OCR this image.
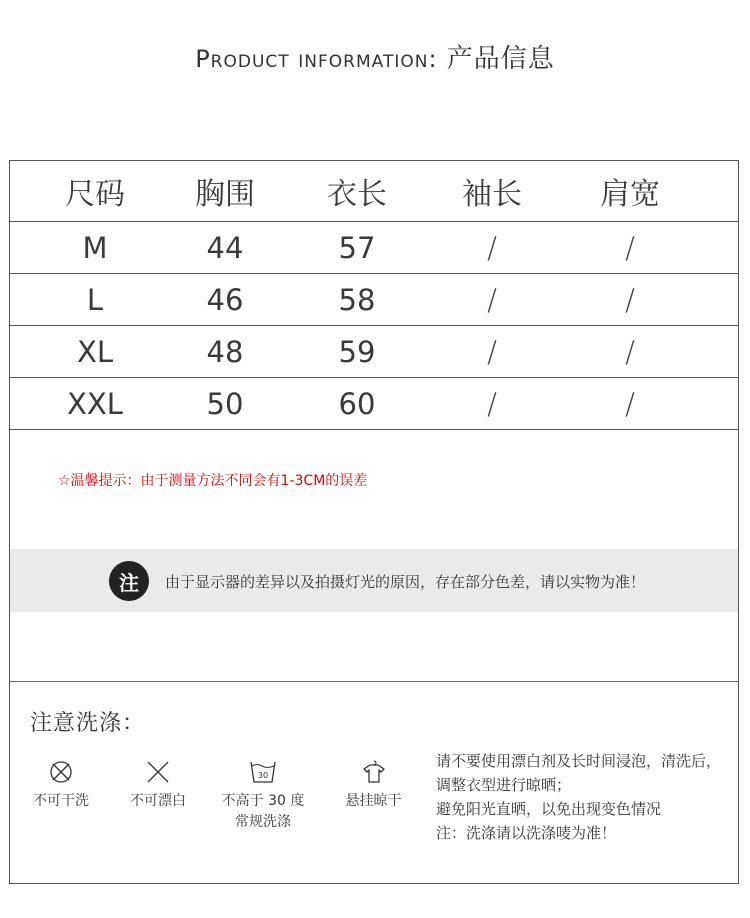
Product information: 产品信息
尺码	胸围	衣长	袖长	肩宽
M	44	57	/	/
L	46	58	/	/
XL	48	59	/	/
XXL	50	60	/	/
☆温馨提示：由于测量方法不同会有1-3CM的误差
注	由于显示器的差异以及拍摄灯光的原因，存在部分色差，请以实物为准！
注意洗涤：
不可干洗	不可漂白
30
不高于 30 度
常规洗涤
悬挂晾干
请不要使用漂白剂及长时间浸泡，清洗后，
调整衣型进行晾晒；
避免阳光直晒，以免出现变色情况
注：洗涤请以洗涤唛为准！
